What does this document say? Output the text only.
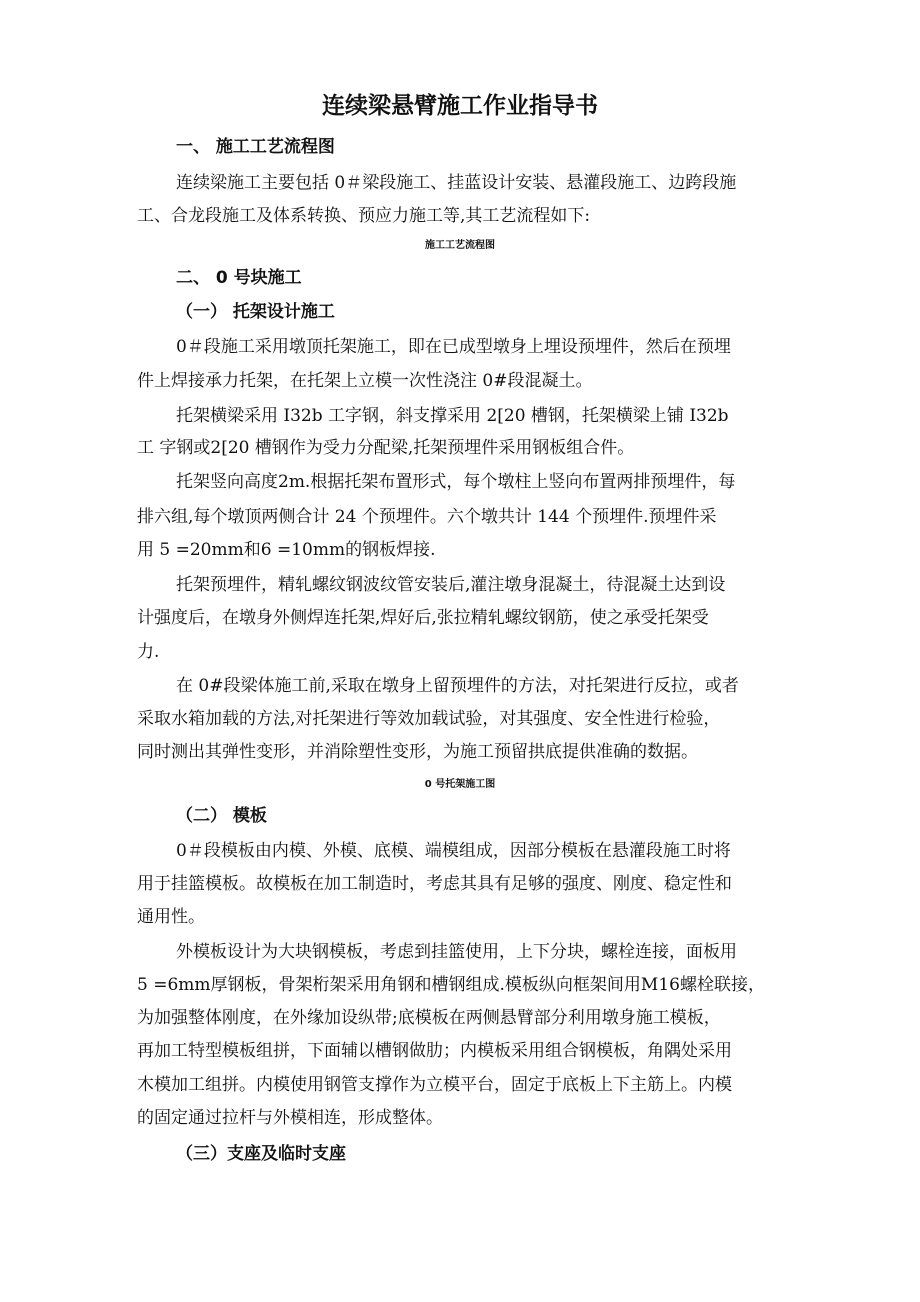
连续梁悬臂施工作业指导书

一、 施工工艺流程图

连续梁施工主要包括 0＃梁段施工、挂蓝设计安装、悬灌段施工、边跨段施

工、合龙段施工及体系转换、预应力施工等,其工艺流程如下:

施工工艺流程图

二、 0 号块施工

（一） 托架设计施工

0＃段施工采用墩顶托架施工，即在已成型墩身上埋设预埋件，然后在预埋

件上焊接承力托架，在托架上立模一次性浇注 0#段混凝土。

托架横梁采用 I32b 工字钢，斜支撑采用 2[20 槽钢，托架横梁上铺 I32b

工 字钢或2[20 槽钢作为受力分配梁,托架预埋件采用钢板组合件。

托架竖向高度2m.根据托架布置形式，每个墩柱上竖向布置两排预埋件，每

排六组,每个墩顶两侧合计 24 个预埋件。六个墩共计 144 个预埋件.预埋件采

用 5 =20mm和6 =10mm的钢板焊接.

托架预埋件，精轧螺纹钢波纹管安装后,灌注墩身混凝土，待混凝土达到设

计强度后，在墩身外侧焊连托架,焊好后,张拉精轧螺纹钢筋，使之承受托架受

力.

在 0#段梁体施工前,采取在墩身上留预埋件的方法，对托架进行反拉，或者

采取水箱加载的方法,对托架进行等效加载试验，对其强度、安全性进行检验，

同时测出其弹性变形，并消除塑性变形，为施工预留拱底提供准确的数据。

0 号托架施工图

（二） 模板

0＃段模板由内模、外模、底模、端模组成，因部分模板在悬灌段施工时将

用于挂篮模板。故模板在加工制造时，考虑其具有足够的强度、刚度、稳定性和

通用性。

外模板设计为大块钢模板，考虑到挂篮使用，上下分块，螺栓连接，面板用

5 =6mm厚钢板，骨架桁架采用角钢和槽钢组成.模板纵向框架间用M16螺栓联接，

为加强整体刚度，在外缘加设纵带;底模板在两侧悬臂部分利用墩身施工模板，

再加工特型模板组拼，下面辅以槽钢做肋；内模板采用组合钢模板，角隅处采用

木模加工组拼。内模使用钢管支撑作为立模平台，固定于底板上下主筋上。内模

的固定通过拉杆与外模相连，形成整体。

（三）支座及临时支座
